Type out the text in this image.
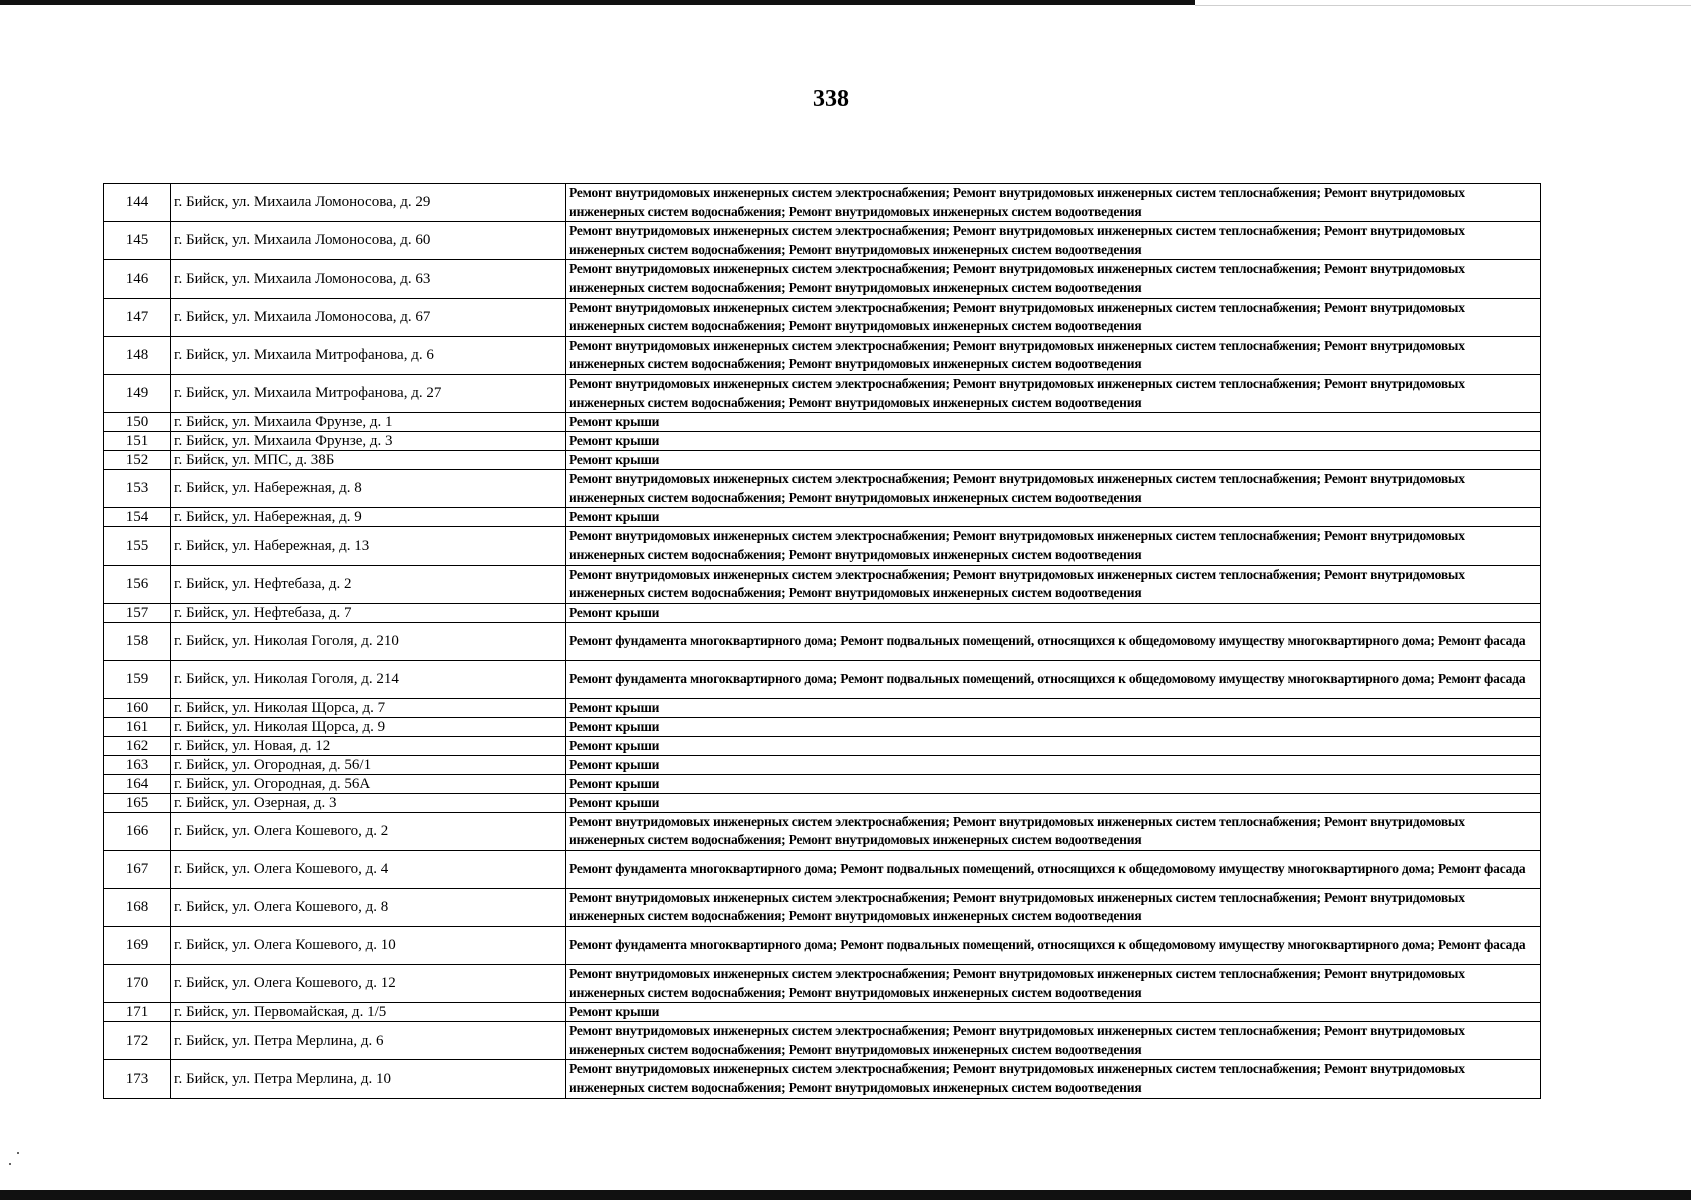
338
144	г. Бийск, ул. Михаила Ломоносова, д. 29	Ремонт внутридомовых инженерных систем электроснабжения; Ремонт внутридомовых инженерных систем теплоснабжения; Ремонт внутридомовых инженерных систем водоснабжения; Ремонт внутридомовых инженерных систем водоотведения
145	г. Бийск, ул. Михаила Ломоносова, д. 60	Ремонт внутридомовых инженерных систем электроснабжения; Ремонт внутридомовых инженерных систем теплоснабжения; Ремонт внутридомовых инженерных систем водоснабжения; Ремонт внутридомовых инженерных систем водоотведения
146	г. Бийск, ул. Михаила Ломоносова, д. 63	Ремонт внутридомовых инженерных систем электроснабжения; Ремонт внутридомовых инженерных систем теплоснабжения; Ремонт внутридомовых инженерных систем водоснабжения; Ремонт внутридомовых инженерных систем водоотведения
147	г. Бийск, ул. Михаила Ломоносова, д. 67	Ремонт внутридомовых инженерных систем электроснабжения; Ремонт внутридомовых инженерных систем теплоснабжения; Ремонт внутридомовых инженерных систем водоснабжения; Ремонт внутридомовых инженерных систем водоотведения
148	г. Бийск, ул. Михаила Митрофанова, д. 6	Ремонт внутридомовых инженерных систем электроснабжения; Ремонт внутридомовых инженерных систем теплоснабжения; Ремонт внутридомовых инженерных систем водоснабжения; Ремонт внутридомовых инженерных систем водоотведения
149	г. Бийск, ул. Михаила Митрофанова, д. 27	Ремонт внутридомовых инженерных систем электроснабжения; Ремонт внутридомовых инженерных систем теплоснабжения; Ремонт внутридомовых инженерных систем водоснабжения; Ремонт внутридомовых инженерных систем водоотведения
150	г. Бийск, ул. Михаила Фрунзе, д. 1	Ремонт крыши
151	г. Бийск, ул. Михаила Фрунзе, д. 3	Ремонт крыши
152	г. Бийск, ул. МПС, д. 38Б	Ремонт крыши
153	г. Бийск, ул. Набережная, д. 8	Ремонт внутридомовых инженерных систем электроснабжения; Ремонт внутридомовых инженерных систем теплоснабжения; Ремонт внутридомовых инженерных систем водоснабжения; Ремонт внутридомовых инженерных систем водоотведения
154	г. Бийск, ул. Набережная, д. 9	Ремонт крыши
155	г. Бийск, ул. Набережная, д. 13	Ремонт внутридомовых инженерных систем электроснабжения; Ремонт внутридомовых инженерных систем теплоснабжения; Ремонт внутридомовых инженерных систем водоснабжения; Ремонт внутридомовых инженерных систем водоотведения
156	г. Бийск, ул. Нефтебаза, д. 2	Ремонт внутридомовых инженерных систем электроснабжения; Ремонт внутридомовых инженерных систем теплоснабжения; Ремонт внутридомовых инженерных систем водоснабжения; Ремонт внутридомовых инженерных систем водоотведения
157	г. Бийск, ул. Нефтебаза, д. 7	Ремонт крыши
158	г. Бийск, ул. Николая Гоголя, д. 210	Ремонт фундамента многоквартирного дома; Ремонт подвальных помещений, относящихся к общедомовому имуществу многоквартирного дома; Ремонт фасада
159	г. Бийск, ул. Николая Гоголя, д. 214	Ремонт фундамента многоквартирного дома; Ремонт подвальных помещений, относящихся к общедомовому имуществу многоквартирного дома; Ремонт фасада
160	г. Бийск, ул. Николая Щорса, д. 7	Ремонт крыши
161	г. Бийск, ул. Николая Щорса, д. 9	Ремонт крыши
162	г. Бийск, ул. Новая, д. 12	Ремонт крыши
163	г. Бийск, ул. Огородная, д. 56/1	Ремонт крыши
164	г. Бийск, ул. Огородная, д. 56А	Ремонт крыши
165	г. Бийск, ул. Озерная, д. 3	Ремонт крыши
166	г. Бийск, ул. Олега Кошевого, д. 2	Ремонт внутридомовых инженерных систем электроснабжения; Ремонт внутридомовых инженерных систем теплоснабжения; Ремонт внутридомовых инженерных систем водоснабжения; Ремонт внутридомовых инженерных систем водоотведения
167	г. Бийск, ул. Олега Кошевого, д. 4	Ремонт фундамента многоквартирного дома; Ремонт подвальных помещений, относящихся к общедомовому имуществу многоквартирного дома; Ремонт фасада
168	г. Бийск, ул. Олега Кошевого, д. 8	Ремонт внутридомовых инженерных систем электроснабжения; Ремонт внутридомовых инженерных систем теплоснабжения; Ремонт внутридомовых инженерных систем водоснабжения; Ремонт внутридомовых инженерных систем водоотведения
169	г. Бийск, ул. Олега Кошевого, д. 10	Ремонт фундамента многоквартирного дома; Ремонт подвальных помещений, относящихся к общедомовому имуществу многоквартирного дома; Ремонт фасада
170	г. Бийск, ул. Олега Кошевого, д. 12	Ремонт внутридомовых инженерных систем электроснабжения; Ремонт внутридомовых инженерных систем теплоснабжения; Ремонт внутридомовых инженерных систем водоснабжения; Ремонт внутридомовых инженерных систем водоотведения
171	г. Бийск, ул. Первомайская, д. 1/5	Ремонт крыши
172	г. Бийск, ул. Петра Мерлина, д. 6	Ремонт внутридомовых инженерных систем электроснабжения; Ремонт внутридомовых инженерных систем теплоснабжения; Ремонт внутридомовых инженерных систем водоснабжения; Ремонт внутридомовых инженерных систем водоотведения
173	г. Бийск, ул. Петра Мерлина, д. 10	Ремонт внутридомовых инженерных систем электроснабжения; Ремонт внутридомовых инженерных систем теплоснабжения; Ремонт внутридомовых инженерных систем водоснабжения; Ремонт внутридомовых инженерных систем водоотведения
